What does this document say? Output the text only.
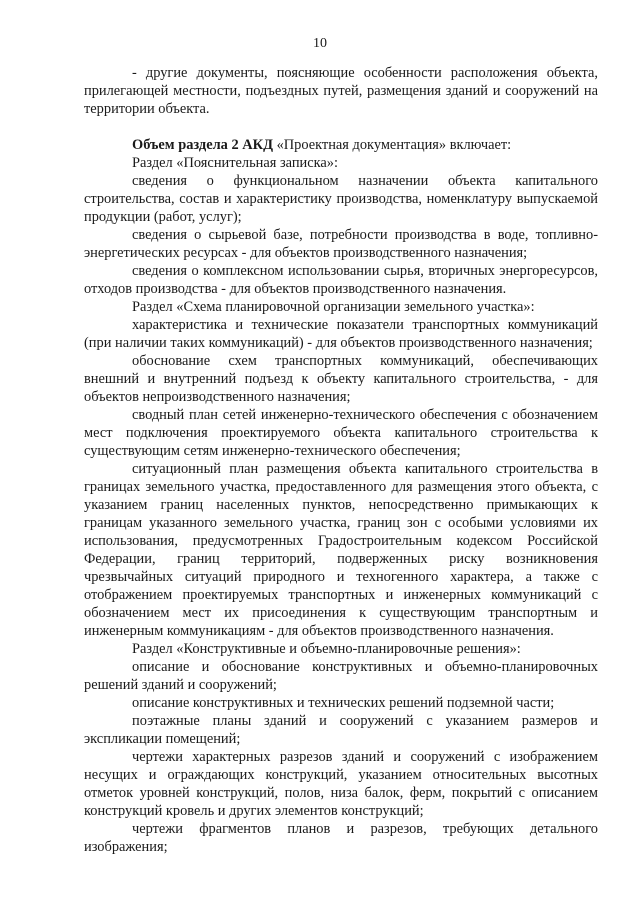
10

- другие документы, поясняющие особенности расположения объекта, прилегающей местности, подъездных путей, размещения зданий и сооружений на территории объекта.

Объем раздела 2 АКД «Проектная документация» включает:

Раздел «Пояснительная записка»:

сведения о функциональном назначении объекта капитального строительства, состав и характеристику производства, номенклатуру выпускаемой продукции (работ, услуг);

сведения о сырьевой базе, потребности производства в воде, топливно-энергетических ресурсах - для объектов производственного назначения;

сведения о комплексном использовании сырья, вторичных энергоресурсов, отходов производства - для объектов производственного назначения.

Раздел «Схема планировочной организации земельного участка»:

характеристика и технические показатели транспортных коммуникаций (при наличии таких коммуникаций) - для объектов производственного назначения;

обоснование схем транспортных коммуникаций, обеспечивающих внешний и внутренний подъезд к объекту капитального строительства, - для объектов непроизводственного назначения;

сводный план сетей инженерно-технического обеспечения с обозначением мест подключения проектируемого объекта капитального строительства к существующим сетям инженерно-технического обеспечения;

ситуационный план размещения объекта капитального строительства в границах земельного участка, предоставленного для размещения этого объекта, с указанием границ населенных пунктов, непосредственно примыкающих к границам указанного земельного участка, границ зон с особыми условиями их использования, предусмотренных Градостроительным кодексом Российской Федерации, границ территорий, подверженных риску возникновения чрезвычайных ситуаций природного и техногенного характера, а также с отображением проектируемых транспортных и инженерных коммуникаций с обозначением мест их присоединения к существующим транспортным и инженерным коммуникациям - для объектов производственного назначения.

Раздел «Конструктивные и объемно-планировочные решения»:

описание и обоснование конструктивных и объемно-планировочных решений зданий и сооружений;

описание конструктивных и технических решений подземной части;

поэтажные планы зданий и сооружений с указанием размеров и экспликации помещений;

чертежи характерных разрезов зданий и сооружений с изображением несущих и ограждающих конструкций, указанием относительных высотных отметок уровней конструкций, полов, низа балок, ферм, покрытий с описанием конструкций кровель и других элементов конструкций;

чертежи фрагментов планов и разрезов, требующих детального изображения;
